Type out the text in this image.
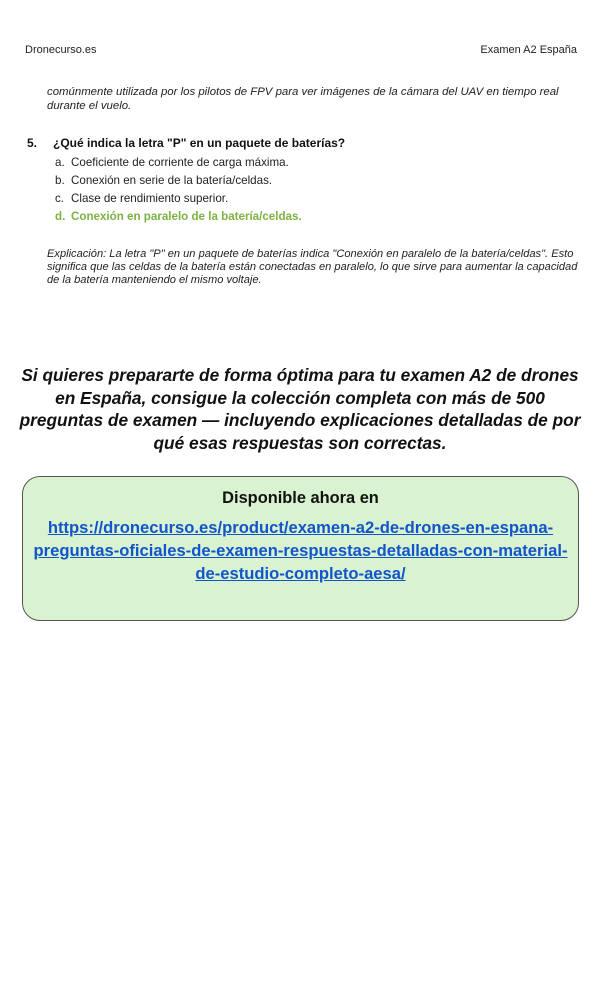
Dronecurso.es	Examen A2 España

comúnmente utilizada por los pilotos de FPV para ver imágenes de la cámara del UAV en tiempo real durante el vuelo.

5. ¿Qué indica la letra "P" en un paquete de baterías?
a. Coeficiente de corriente de carga máxima.
b. Conexión en serie de la batería/celdas.
c. Clase de rendimiento superior.
d. Conexión en paralelo de la batería/celdas.

Explicación: La letra "P" en un paquete de baterías indica "Conexión en paralelo de la batería/celdas". Esto significa que las celdas de la batería están conectadas en paralelo, lo que sirve para aumentar la capacidad de la batería manteniendo el mismo voltaje.

Si quieres prepararte de forma óptima para tu examen A2 de drones en España, consigue la colección completa con más de 500 preguntas de examen — incluyendo explicaciones detalladas de por qué esas respuestas son correctas.

Disponible ahora en
https://dronecurso.es/product/examen-a2-de-drones-en-espana-preguntas-oficiales-de-examen-respuestas-detalladas-con-material-de-estudio-completo-aesa/
